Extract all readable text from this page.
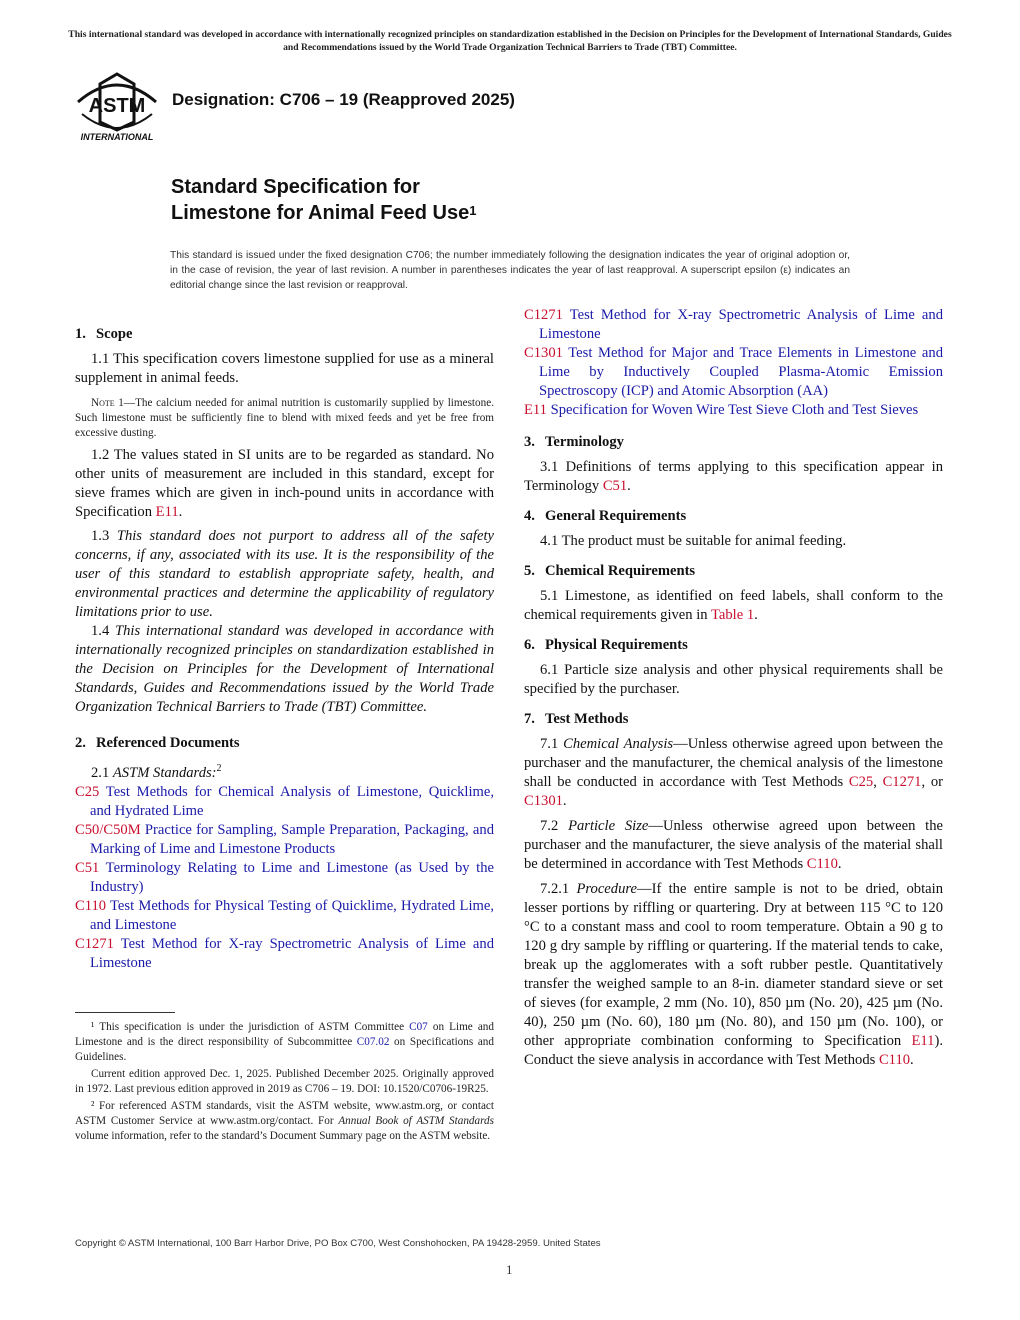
This international standard was developed in accordance with internationally recognized principles on standardization established in the Decision on Principles for the Development of International Standards, Guides and Recommendations issued by the World Trade Organization Technical Barriers to Trade (TBT) Committee.
ASTM
INTERNATIONAL
Designation: C706 – 19 (Reapproved 2025)
Standard Specification for
Limestone for Animal Feed Use$^1$
This standard is issued under the fixed designation C706; the number immediately following the designation indicates the year of original adoption or, in the case of revision, the year of last revision. A number in parentheses indicates the year of last reapproval. A superscript epsilon (ε) indicates an editorial change since the last revision or reapproval.

1. Scope

1.1 This specification covers limestone supplied for use as a mineral supplement in animal feeds.

Note 1—The calcium needed for animal nutrition is customarily supplied by limestone. Such limestone must be sufficiently fine to blend with mixed feeds and yet be free from excessive dusting.

1.2 The values stated in SI units are to be regarded as standard. No other units of measurement are included in this standard, except for sieve frames which are given in inch-pound units in accordance with Specification E11.

1.3 This standard does not purport to address all of the safety concerns, if any, associated with its use. It is the responsibility of the user of this standard to establish appropriate safety, health, and environmental practices and determine the applicability of regulatory limitations prior to use.

1.4 This international standard was developed in accordance with internationally recognized principles on standardization established in the Decision on Principles for the Development of International Standards, Guides and Recommendations issued by the World Trade Organization Technical Barriers to Trade (TBT) Committee.

2. Referenced Documents

2.1 ASTM Standards:$^2$

C25 Test Methods for Chemical Analysis of Limestone, Quicklime, and Hydrated Lime

C50/C50M Practice for Sampling, Sample Preparation, Packaging, and Marking of Lime and Limestone Products

C51 Terminology Relating to Lime and Limestone (as Used by the Industry)

C110 Test Methods for Physical Testing of Quicklime, Hydrated Lime, and Limestone

C1271 Test Method for X-ray Spectrometric Analysis of Lime and Limestone

C1271 Test Method for X-ray Spectrometric Analysis of Lime and Limestone

C1301 Test Method for Major and Trace Elements in Limestone and Lime by Inductively Coupled Plasma-Atomic Emission Spectroscopy (ICP) and Atomic Absorption (AA)

E11 Specification for Woven Wire Test Sieve Cloth and Test Sieves

3. Terminology

3.1 Definitions of terms applying to this specification appear in Terminology C51.

4. General Requirements

4.1 The product must be suitable for animal feeding.

5. Chemical Requirements

5.1 Limestone, as identified on feed labels, shall conform to the chemical requirements given in Table 1.

6. Physical Requirements

6.1 Particle size analysis and other physical requirements shall be specified by the purchaser.

7. Test Methods

7.1 Chemical Analysis—Unless otherwise agreed upon between the purchaser and the manufacturer, the chemical analysis of the limestone shall be conducted in accordance with Test Methods C25, C1271, or C1301.

7.2 Particle Size—Unless otherwise agreed upon between the purchaser and the manufacturer, the sieve analysis of the material shall be determined in accordance with Test Methods C110.

7.2.1 Procedure—If the entire sample is not to be dried, obtain lesser portions by riffling or quartering. Dry at between 115 °C to 120 °C to a constant mass and cool to room temperature. Obtain a 90 g to 120 g dry sample by riffling or quartering. If the material tends to cake, break up the agglomerates with a soft rubber pestle. Quantitatively transfer the weighed sample to an 8-in. diameter standard sieve or set of sieves (for example, 2 mm (No. 10), 850 µm (No. 20), 425 µm (No. 40), 250 µm (No. 60), 180 µm (No. 80), and 150 µm (No. 100), or other appropriate combination conforming to Specification E11). Conduct the sieve analysis in accordance with Test Methods C110.

¹ This specification is under the jurisdiction of ASTM Committee C07 on Lime and Limestone and is the direct responsibility of Subcommittee C07.02 on Specifications and Guidelines.

Current edition approved Dec. 1, 2025. Published December 2025. Originally approved in 1972. Last previous edition approved in 2019 as C706 – 19. DOI: 10.1520/C0706-19R25.

² For referenced ASTM standards, visit the ASTM website, www.astm.org, or contact ASTM Customer Service at www.astm.org/contact. For Annual Book of ASTM Standards volume information, refer to the standard’s Document Summary page on the ASTM website.

Copyright © ASTM International, 100 Barr Harbor Drive, PO Box C700, West Conshohocken, PA 19428-2959. United States
1
